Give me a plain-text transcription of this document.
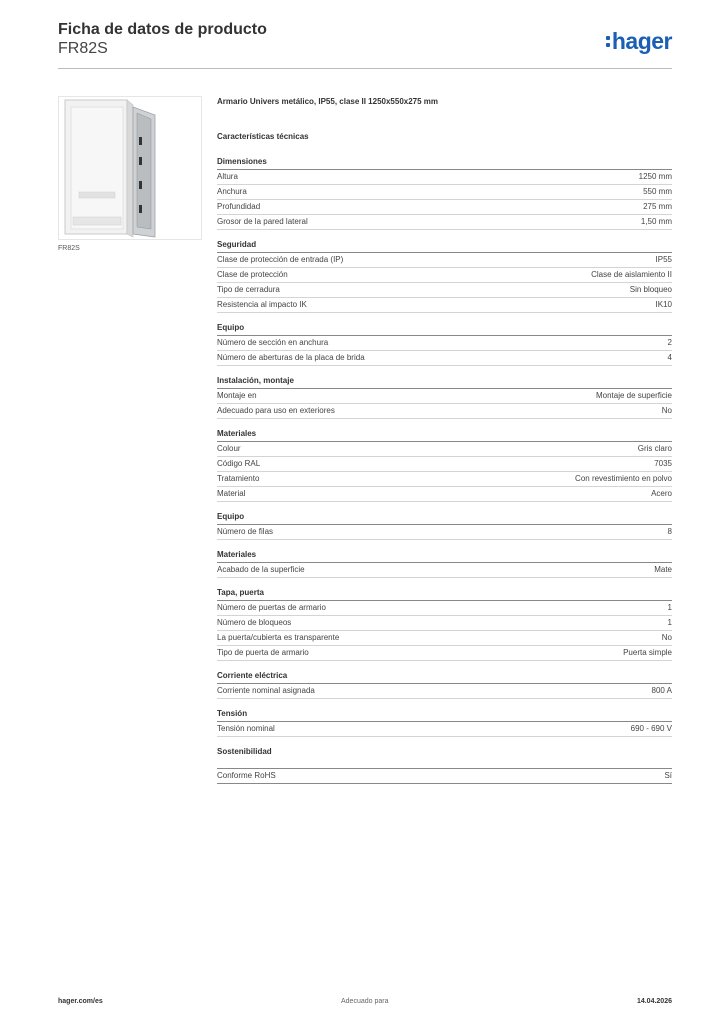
Ficha de datos de producto

FR82S	hager
FR82S
Armario Univers metálico, IP55, clase II 1250x550x275 mm
Características técnicas
Dimensiones
Altura	1250 mm
Anchura	550 mm
Profundidad	275 mm
Grosor de la pared lateral	1,50 mm
Seguridad
Clase de protección de entrada (IP)	IP55
Clase de protección	Clase de aislamiento II
Tipo de cerradura	Sin bloqueo
Resistencia al impacto IK	IK10
Equipo
Número de sección en anchura	2
Número de aberturas de la placa de brida	4
Instalación, montaje
Montaje en	Montaje de superficie
Adecuado para uso en exteriores	No
Materiales
Colour	Gris claro
Código RAL	7035
Tratamiento	Con revestimiento en polvo
Material	Acero
Equipo
Número de filas	8
Materiales
Acabado de la superficie	Mate
Tapa, puerta
Número de puertas de armario	1
Número de bloqueos	1
La puerta/cubierta es transparente	No
Tipo de puerta de armario	Puerta simple
Corriente eléctrica
Corriente nominal asignada	800 A
Tensión
Tensión nominal	690 - 690 V
Sostenibilidad
Conforme RoHS	Sí
hager.com/es	Adecuado para	14.04.2026
